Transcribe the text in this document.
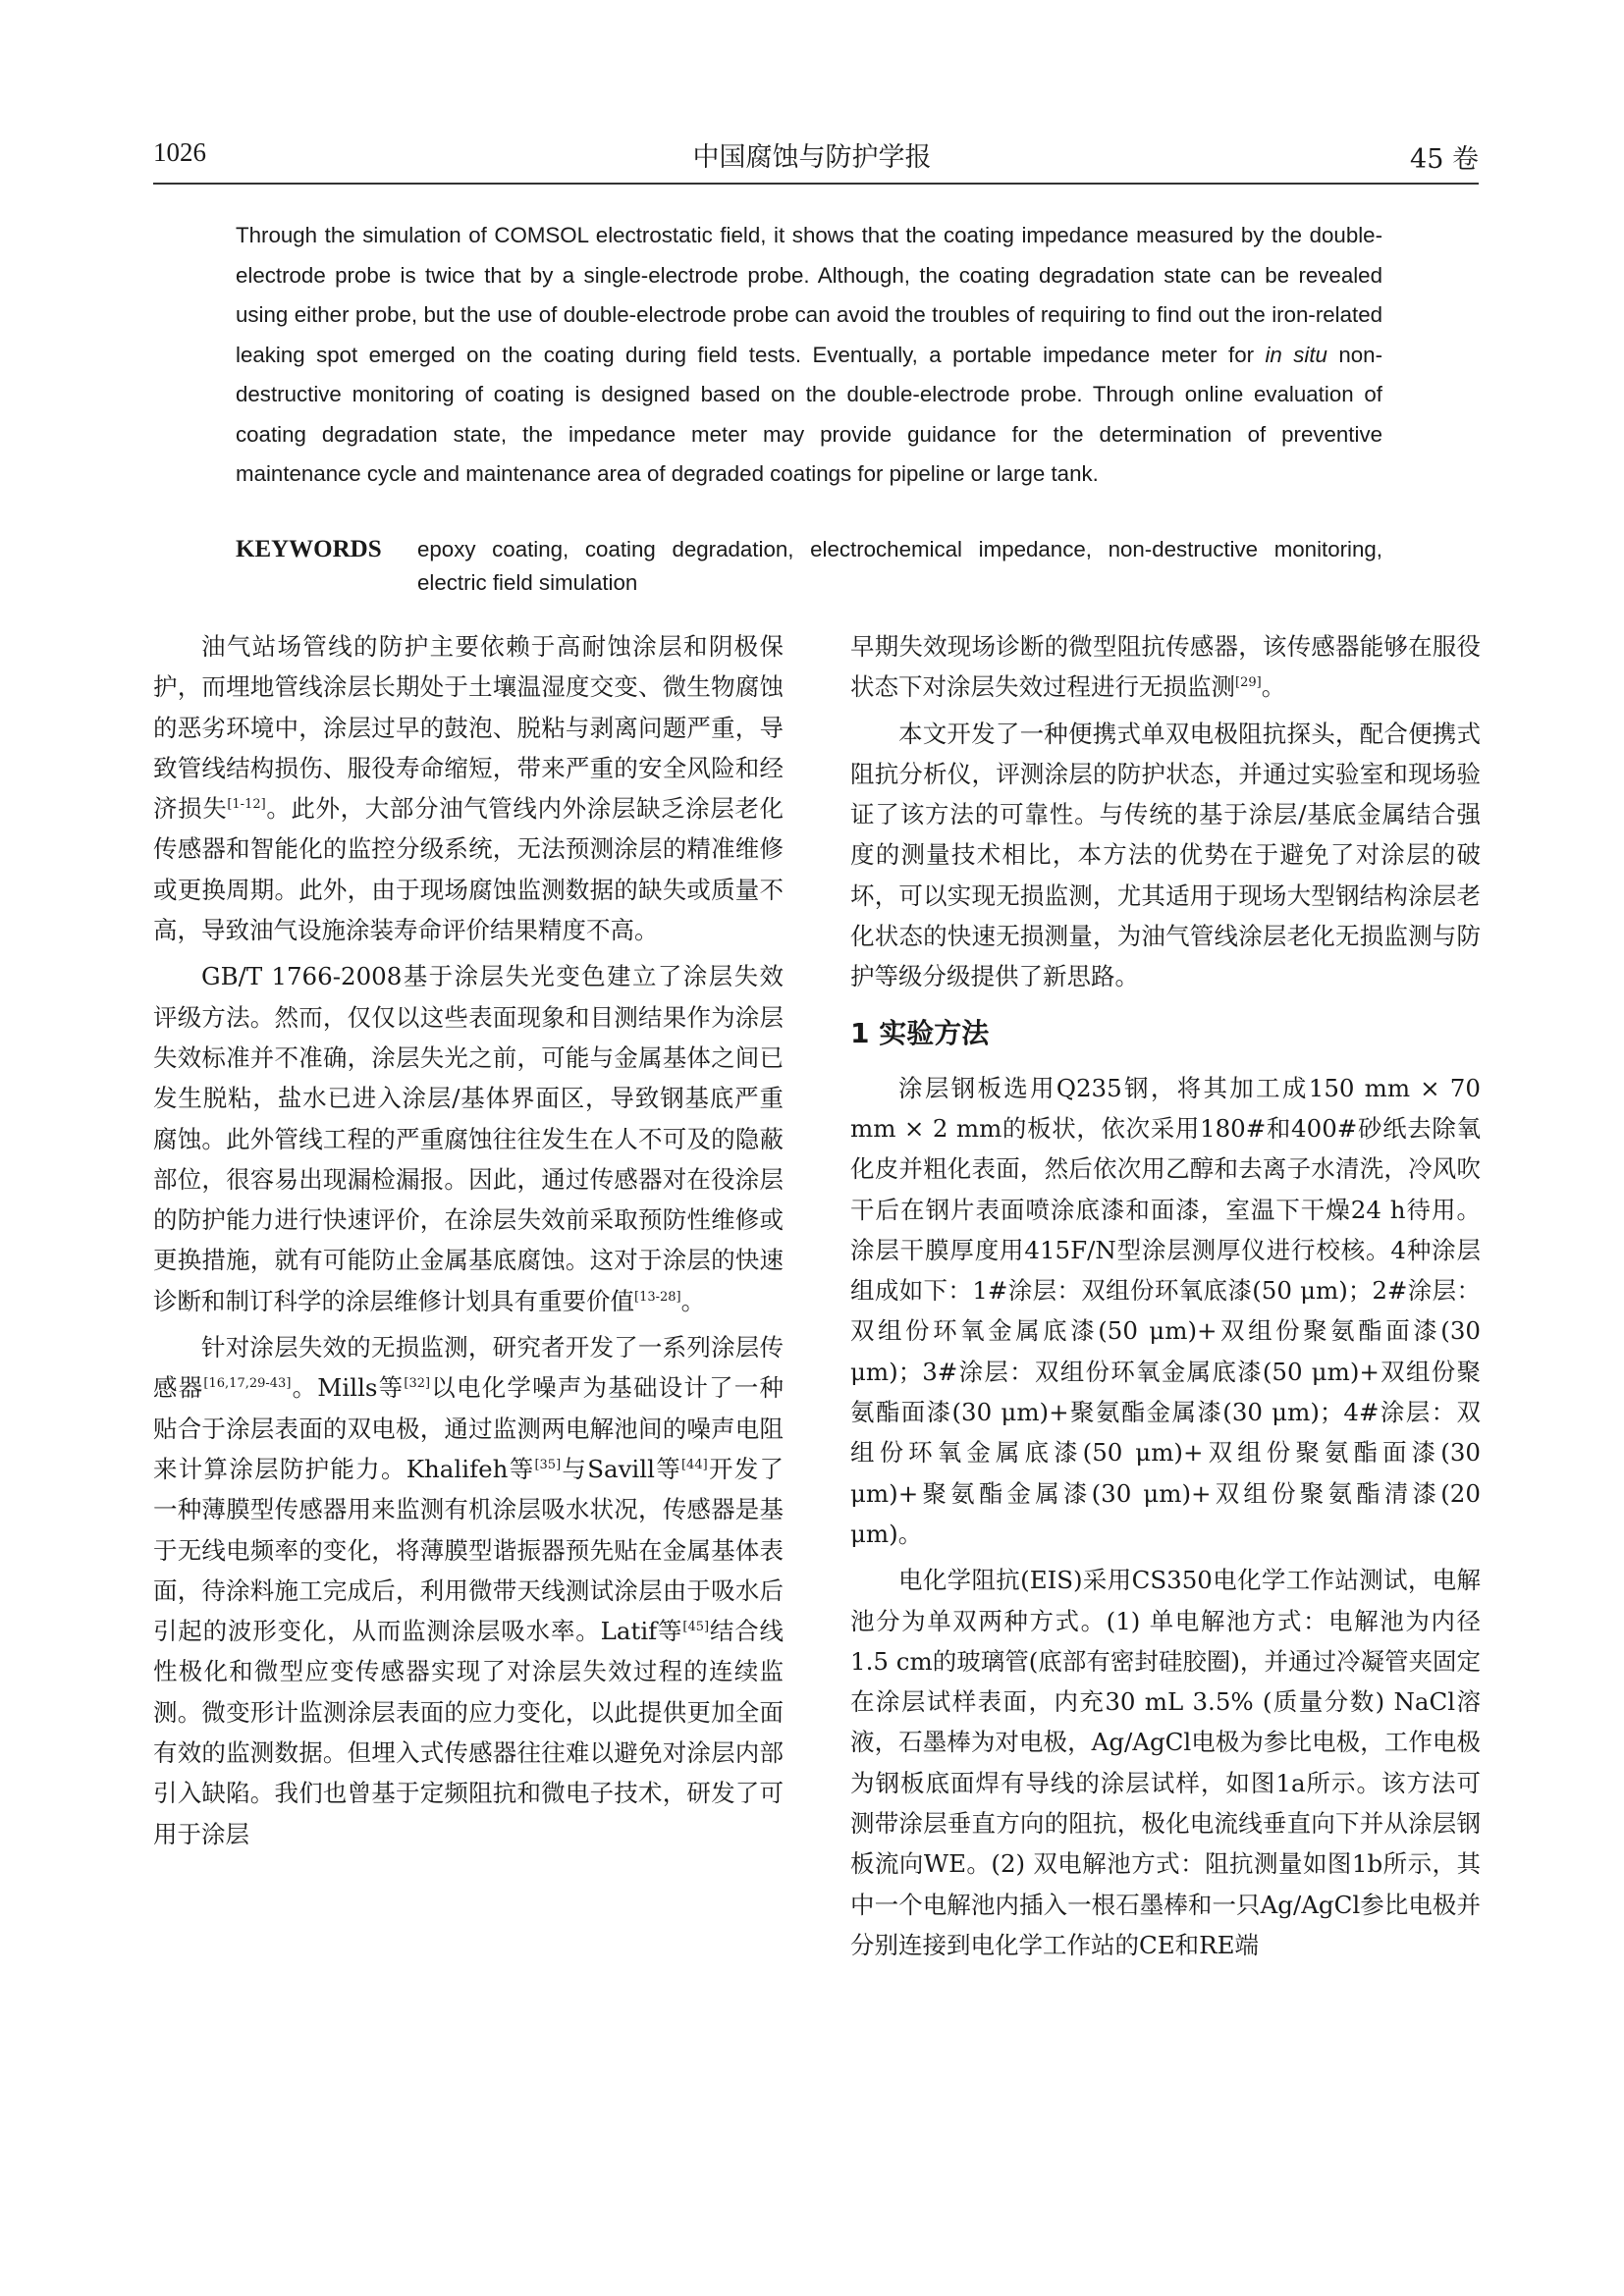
1026	中国腐蚀与防护学报	45 卷

Through the simulation of COMSOL electrostatic field, it shows that the coating impedance measured by the double-electrode probe is twice that by a single-electrode probe. Although, the coating degradation state can be revealed using either probe, but the use of double-electrode probe can avoid the troubles of requiring to find out the iron-related leaking spot emerged on the coating during field tests. Eventually, a portable impedance meter for in situ non-destructive monitoring of coating is designed based on the double-electrode probe. Through online evaluation of coating degradation state, the impedance meter may provide guidance for the determination of preventive maintenance cycle and maintenance area of degraded coatings for pipeline or large tank.

KEYWORDS epoxy coating, coating degradation, electrochemical impedance, non-destructive monitoring, electric field simulation

油气站场管线的防护主要依赖于高耐蚀涂层和阴极保护，而埋地管线涂层长期处于土壤温湿度交变、微生物腐蚀的恶劣环境中，涂层过早的鼓泡、脱粘与剥离问题严重，导致管线结构损伤、服役寿命缩短，带来严重的安全风险和经济损失[1-12]。此外，大部分油气管线内外涂层缺乏涂层老化传感器和智能化的监控分级系统，无法预测涂层的精准维修或更换周期。此外，由于现场腐蚀监测数据的缺失或质量不高，导致油气设施涂装寿命评价结果精度不高。

GB/T 1766-2008基于涂层失光变色建立了涂层失效评级方法。然而，仅仅以这些表面现象和目测结果作为涂层失效标准并不准确，涂层失光之前，可能与金属基体之间已发生脱粘，盐水已进入涂层/基体界面区，导致钢基底严重腐蚀。此外管线工程的严重腐蚀往往发生在人不可及的隐蔽部位，很容易出现漏检漏报。因此，通过传感器对在役涂层的防护能力进行快速评价，在涂层失效前采取预防性维修或更换措施，就有可能防止金属基底腐蚀。这对于涂层的快速诊断和制订科学的涂层维修计划具有重要价值[13-28]。

针对涂层失效的无损监测，研究者开发了一系列涂层传感器[16,17,29-43]。Mills等[32]以电化学噪声为基础设计了一种贴合于涂层表面的双电极，通过监测两电解池间的噪声电阻来计算涂层防护能力。Khalifeh等[35]与Savill等[44]开发了一种薄膜型传感器用来监测有机涂层吸水状况，传感器是基于无线电频率的变化，将薄膜型谐振器预先贴在金属基体表面，待涂料施工完成后，利用微带天线测试涂层由于吸水后引起的波形变化，从而监测涂层吸水率。Latif等[45]结合线性极化和微型应变传感器实现了对涂层失效过程的连续监测。微变形计监测涂层表面的应力变化，以此提供更加全面有效的监测数据。但埋入式传感器往往难以避免对涂层内部引入缺陷。我们也曾基于定频阻抗和微电子技术，研发了可用于涂层

早期失效现场诊断的微型阻抗传感器，该传感器能够在服役状态下对涂层失效过程进行无损监测[29]。

本文开发了一种便携式单双电极阻抗探头，配合便携式阻抗分析仪，评测涂层的防护状态，并通过实验室和现场验证了该方法的可靠性。与传统的基于涂层/基底金属结合强度的测量技术相比，本方法的优势在于避免了对涂层的破坏，可以实现无损监测，尤其适用于现场大型钢结构涂层老化状态的快速无损测量，为油气管线涂层老化无损监测与防护等级分级提供了新思路。

1 实验方法

涂层钢板选用Q235钢，将其加工成150 mm × 70 mm × 2 mm的板状，依次采用180#和400#砂纸去除氧化皮并粗化表面，然后依次用乙醇和去离子水清洗，冷风吹干后在钢片表面喷涂底漆和面漆，室温下干燥24 h待用。涂层干膜厚度用415F/N型涂层测厚仪进行校核。4种涂层组成如下：1#涂层：双组份环氧底漆(50 μm)；2#涂层：双组份环氧金属底漆(50 μm)+双组份聚氨酯面漆(30 μm)；3#涂层：双组份环氧金属底漆(50 μm)+双组份聚氨酯面漆(30 μm)+聚氨酯金属漆(30 μm)；4#涂层：双组份环氧金属底漆(50 μm)+双组份聚氨酯面漆(30 μm)+聚氨酯金属漆(30 μm)+双组份聚氨酯清漆(20 μm)。

电化学阻抗(EIS)采用CS350电化学工作站测试，电解池分为单双两种方式。(1) 单电解池方式：电解池为内径1.5 cm的玻璃管(底部有密封硅胶圈)，并通过冷凝管夹固定在涂层试样表面，内充30 mL 3.5% (质量分数) NaCl溶液，石墨棒为对电极，Ag/AgCl电极为参比电极，工作电极为钢板底面焊有导线的涂层试样，如图1a所示。该方法可测带涂层垂直方向的阻抗，极化电流线垂直向下并从涂层钢板流向WE。(2) 双电解池方式：阻抗测量如图1b所示，其中一个电解池内插入一根石墨棒和一只Ag/AgCl参比电极并分别连接到电化学工作站的CE和RE端
